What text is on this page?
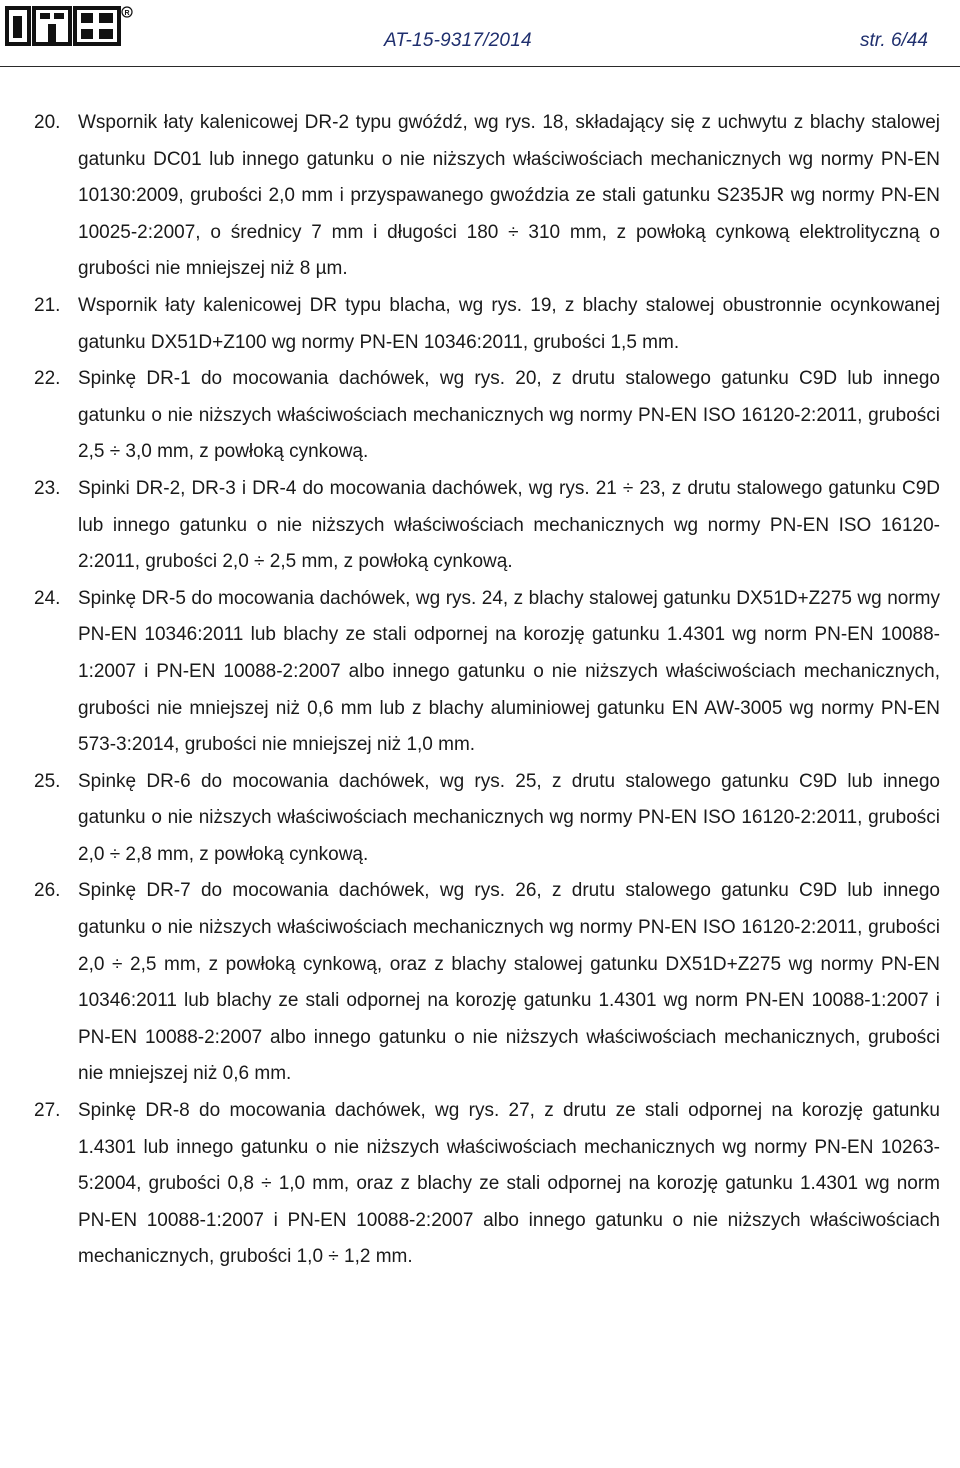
R
AT-15-9317/2014	str. 6/44
20. Wspornik łaty kalenicowej DR-2 typu gwóźdź, wg rys. 18, składający się z uchwytu z blachy stalowej gatunku DC01 lub innego gatunku o nie niższych właściwościach mechanicznych wg normy PN-EN 10130:2009, grubości 2,0 mm i przyspawanego gwoździa ze stali gatunku S235JR wg normy PN-EN 10025-2:2007, o średnicy 7 mm i długości 180 ÷ 310 mm, z powłoką cynkową elektrolityczną o grubości nie mniejszej niż 8 µm.
21. Wspornik łaty kalenicowej DR typu blacha, wg rys. 19, z blachy stalowej obustronnie ocynkowanej gatunku DX51D+Z100 wg normy PN-EN 10346:2011, grubości 1,5 mm.
22. Spinkę DR-1 do mocowania dachówek, wg rys. 20, z drutu stalowego gatunku C9D lub innego gatunku o nie niższych właściwościach mechanicznych wg normy PN-EN ISO 16120-2:2011, grubości 2,5 ÷ 3,0 mm, z powłoką cynkową.
23. Spinki DR-2, DR-3 i DR-4 do mocowania dachówek, wg rys. 21 ÷ 23, z drutu stalowego gatunku C9D lub innego gatunku o nie niższych właściwościach mechanicznych wg normy PN-EN ISO 16120-2:2011, grubości 2,0 ÷ 2,5 mm, z powłoką cynkową.
24. Spinkę DR-5 do mocowania dachówek, wg rys. 24, z blachy stalowej gatunku DX51D+Z275 wg normy PN-EN 10346:2011 lub blachy ze stali odpornej na korozję gatunku 1.4301 wg norm PN-EN 10088-1:2007 i PN-EN 10088-2:2007 albo innego gatunku o nie niższych właściwościach mechanicznych, grubości nie mniejszej niż 0,6 mm lub z blachy aluminiowej gatunku EN AW-3005 wg normy PN-EN 573-3:2014, grubości nie mniejszej niż 1,0 mm.
25. Spinkę DR-6 do mocowania dachówek, wg rys. 25, z drutu stalowego gatunku C9D lub innego gatunku o nie niższych właściwościach mechanicznych wg normy PN-EN ISO 16120-2:2011, grubości 2,0 ÷ 2,8 mm, z powłoką cynkową.
26. Spinkę DR-7 do mocowania dachówek, wg rys. 26, z drutu stalowego gatunku C9D lub innego gatunku o nie niższych właściwościach mechanicznych wg normy PN-EN ISO 16120-2:2011, grubości 2,0 ÷ 2,5 mm, z powłoką cynkową, oraz z blachy stalowej gatunku DX51D+Z275 wg normy PN-EN 10346:2011 lub blachy ze stali odpornej na korozję gatunku 1.4301 wg norm PN-EN 10088-1:2007 i PN-EN 10088-2:2007 albo innego gatunku o nie niższych właściwościach mechanicznych, grubości nie mniejszej niż 0,6 mm.
27. Spinkę DR-8 do mocowania dachówek, wg rys. 27, z drutu ze stali odpornej na korozję gatunku 1.4301 lub innego gatunku o nie niższych właściwościach mechanicznych wg normy PN-EN 10263-5:2004, grubości 0,8 ÷ 1,0 mm, oraz z blachy ze stali odpornej na korozję gatunku 1.4301 wg norm PN-EN 10088-1:2007 i PN-EN 10088-2:2007 albo innego gatunku o nie niższych właściwościach mechanicznych, grubości 1,0 ÷ 1,2 mm.
